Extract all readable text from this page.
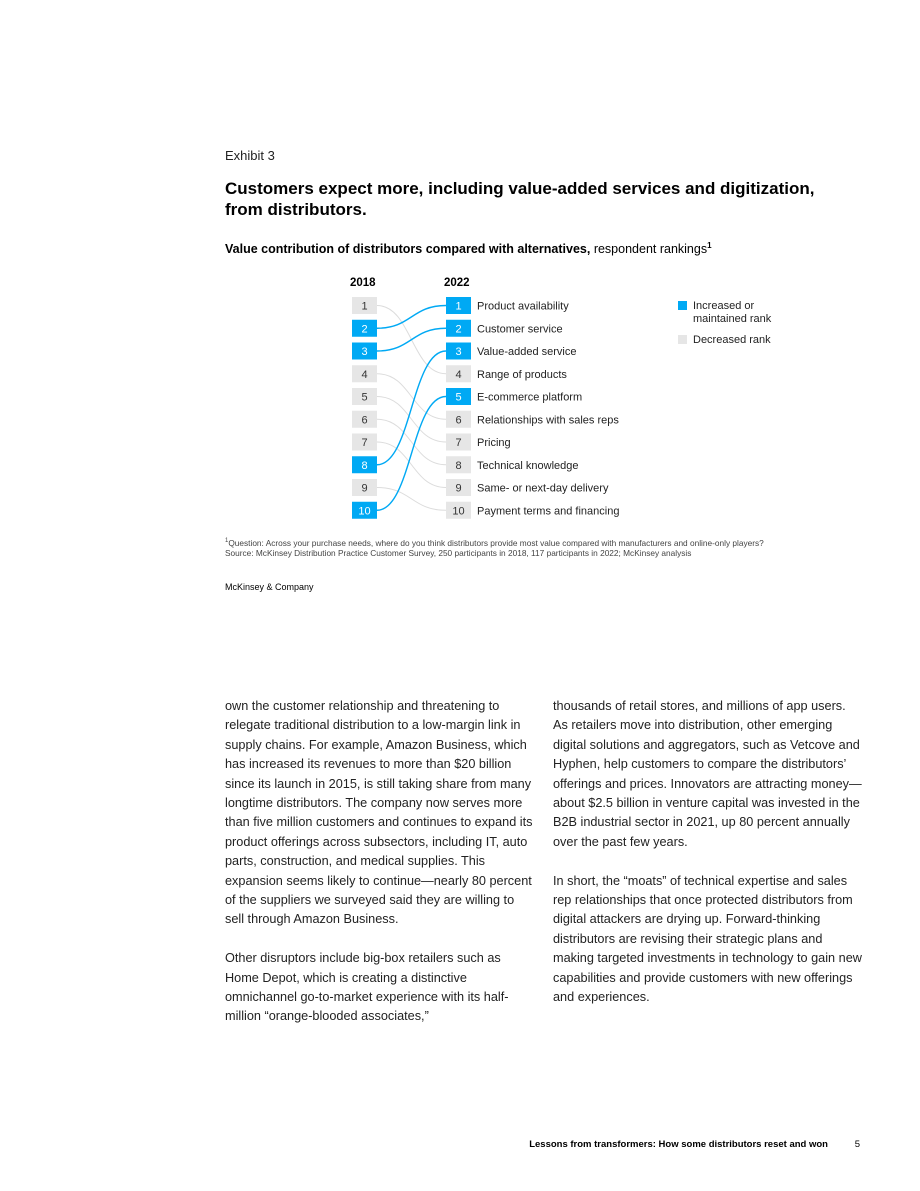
Exhibit 3
Customers expect more, including value-added services and digitization, from distributors.
Value contribution of distributors compared with alternatives, respondent rankings$^1$
2018	2022
1	1
2	2
3	3
4	4
5	5
6	6
7	7
8	8
9	9
10	10
Product availability
Customer service
Value-added service
Range of products
E-commerce platform
Relationships with sales reps
Pricing
Technical knowledge
Same- or next-day delivery
Payment terms and financing
Increased or
maintained rank
Decreased rank
$^1$Question: Across your purchase needs, where do you think distributors provide most value compared with manufacturers and online-only players?
Source: McKinsey Distribution Practice Customer Survey, 250 participants in 2018, 117 participants in 2022; McKinsey analysis
McKinsey & Company

own the customer relationship and threatening to relegate traditional distribution to a low-margin link in supply chains. For example, Amazon Business, which has increased its revenues to more than $20 billion since its launch in 2015, is still taking share from many longtime distributors. The company now serves more than five million customers and continues to expand its product offerings across subsectors, including IT, auto parts, construction, and medical supplies. This expansion seems likely to continue—nearly 80 percent of the suppliers we surveyed said they are willing to sell through Amazon Business.

Other disruptors include big-box retailers such as Home Depot, which is creating a distinctive omnichannel go-to-market experience with its half-million “orange-blooded associates,”

thousands of retail stores, and millions of app users. As retailers move into distribution, other emerging digital solutions and aggregators, such as Vetcove and Hyphen, help customers to compare the distributors’ offerings and prices. Innovators are attracting money—about $2.5 billion in venture capital was invested in the B2B industrial sector in 2021, up 80 percent annually over the past few years.

In short, the “moats” of technical expertise and sales rep relationships that once protected distributors from digital attackers are drying up. Forward-thinking distributors are revising their strategic plans and making targeted investments in technology to gain new capabilities and provide customers with new offerings and experiences.

Lessons from transformers: How some distributors reset and won	5
